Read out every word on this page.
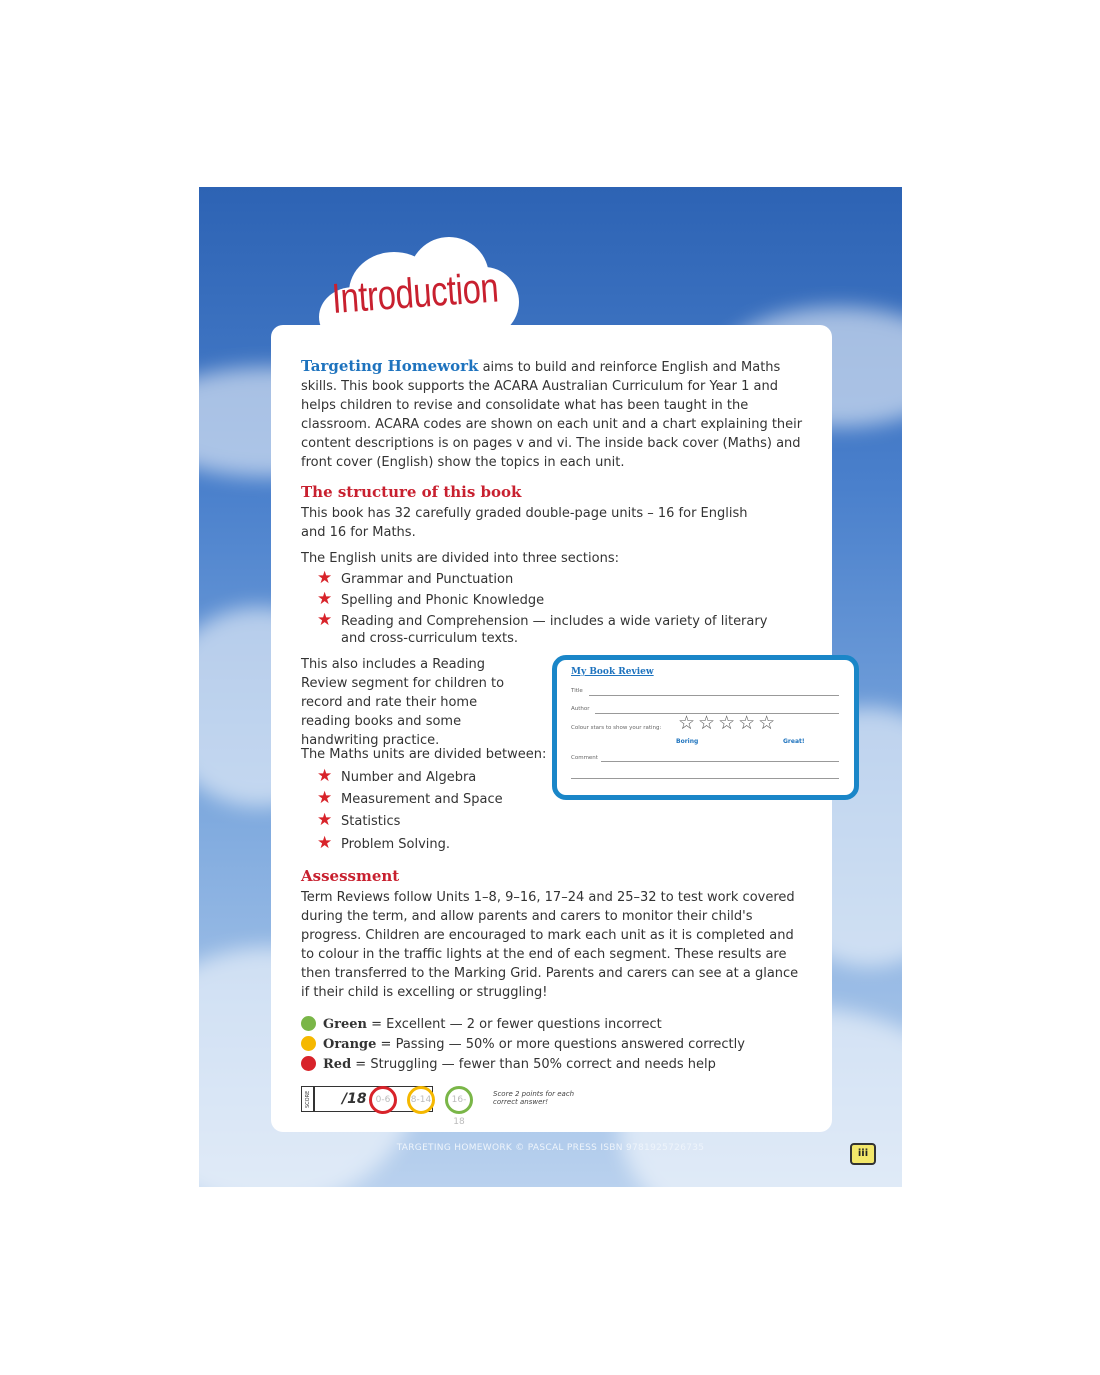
Introduction
Targeting Homework aims to build and reinforce English and Maths skills. This book supports the ACARA Australian Curriculum for Year 1 and helps children to revise and consolidate what has been taught in the classroom. ACARA codes are shown on each unit and a chart explaining their content descriptions is on pages v and vi. The inside back cover (Maths) and front cover (English) show the topics in each unit.
The structure of this book
This book has 32 carefully graded double-page units – 16 for English and 16 for Maths.
The English units are divided into three sections:
★ Grammar and Punctuation
★ Spelling and Phonic Knowledge
★ Reading and Comprehension — includes a wide variety of literary and cross-curriculum texts.
This also includes a Reading Review segment for children to record and rate their home reading books and some handwriting practice.
The Maths units are divided between:
★ Number and Algebra
★ Measurement and Space
★ Statistics
★ Problem Solving.
My Book Review
Title
Author
Colour stars to show your rating: ☆☆☆☆☆
Boring	Great!
Comment
Assessment
Term Reviews follow Units 1–8, 9–16, 17–24 and 25–32 to test work covered during the term, and allow parents and carers to monitor their child's progress. Children are encouraged to mark each unit as it is completed and to colour in the traffic lights at the end of each segment. These results are then transferred to the Marking Grid. Parents and carers can see at a glance if their child is excelling or struggling!
Green = Excellent — 2 or fewer questions incorrect
Orange = Passing — 50% or more questions answered correctly
Red = Struggling — fewer than 50% correct and needs help
SCORE /18	0-6	8-14	16-18
Score 2 points for each correct answer!
TARGETING HOMEWORK © PASCAL PRESS ISBN 9781925726735	iii
